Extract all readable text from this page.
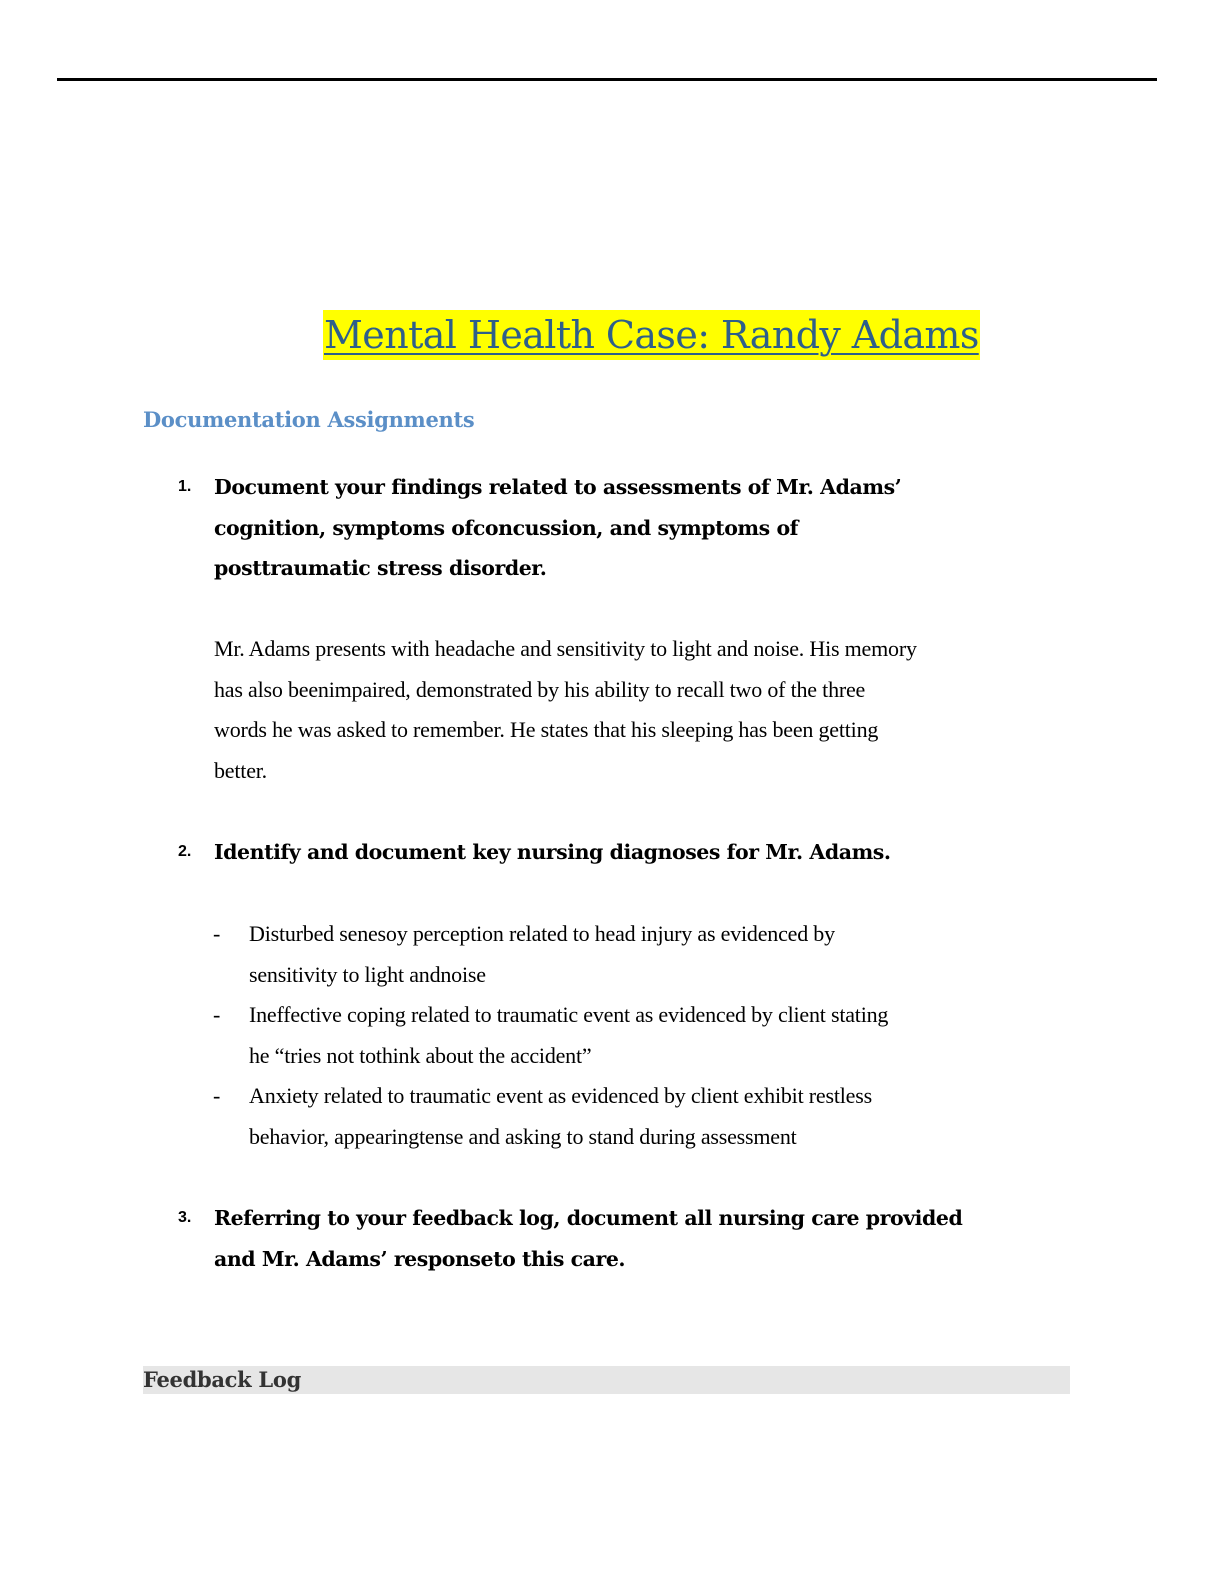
Mental Health Case: Randy Adams
Documentation Assignments
1. Document your findings related to assessments of Mr. Adams’
cognition, symptoms ofconcussion, and symptoms of
posttraumatic stress disorder.
Mr. Adams presents with headache and sensitivity to light and noise. His memory
has also beenimpaired, demonstrated by his ability to recall two of the three
words he was asked to remember. He states that his sleeping has been getting
better.
2. Identify and document key nursing diagnoses for Mr. Adams.
- Disturbed senesoy perception related to head injury as evidenced by
sensitivity to light andnoise
- Ineffective coping related to traumatic event as evidenced by client stating
he “tries not tothink about the accident”
- Anxiety related to traumatic event as evidenced by client exhibit restless
behavior, appearingtense and asking to stand during assessment
3. Referring to your feedback log, document all nursing care provided
and Mr. Adams’ responseto this care.
Feedback Log
